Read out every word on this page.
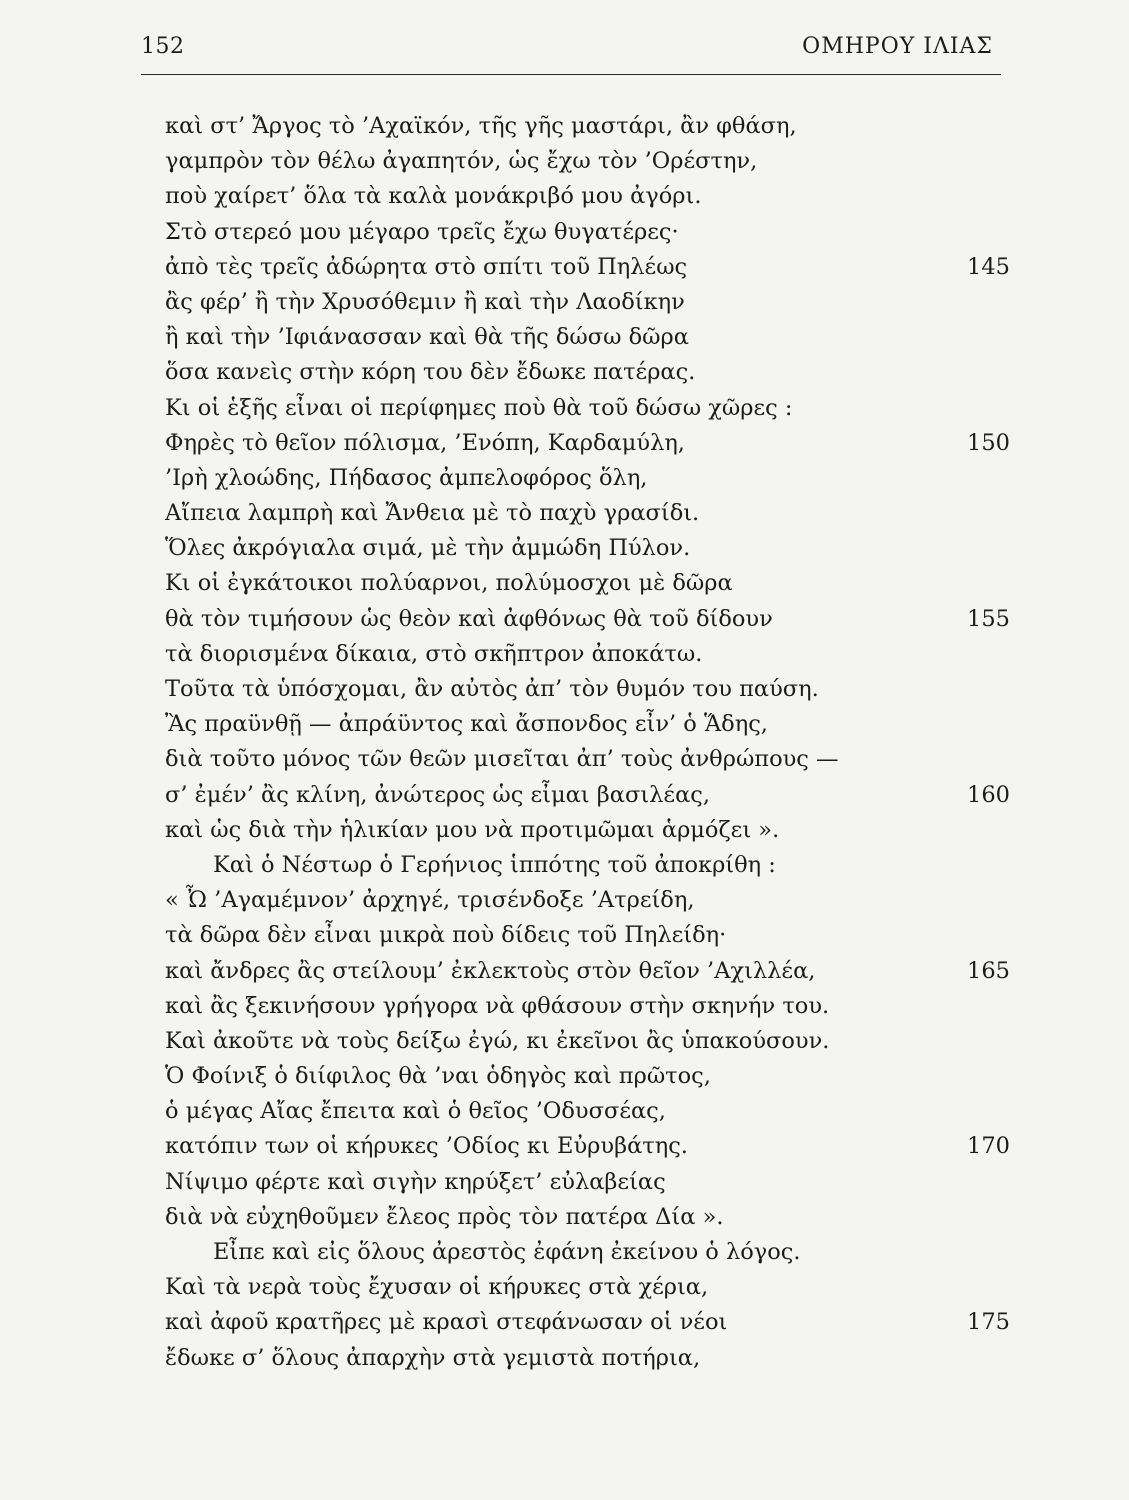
152	ΟΜΗΡΟΥ ΙΛΙΑΣ
καὶ στ’ Ἄργος τὸ ’Αχαϊκόν, τῆς γῆς μαστάρι, ἂν φθάση,
γαμπρὸν τὸν θέλω ἀγαπητόν, ὡς ἔχω τὸν ’Ορέστην,
ποὺ χαίρετ’ ὅλα τὰ καλὰ μονάκριβό μου ἀγόρι.
Στὸ στερεό μου μέγαρο τρεῖς ἔχω θυγατέρες·
ἀπὸ τὲς τρεῖς ἀδώρητα στὸ σπίτι τοῦ Πηλέως	145
ἂς φέρ’ ἢ τὴν Χρυσόθεμιν ἢ καὶ τὴν Λαοδίκην
ἢ καὶ τὴν ’Ιφιάνασσαν καὶ θὰ τῆς δώσω δῶρα
ὅσα κανεὶς στὴν κόρη του δὲν ἔδωκε πατέρας.
Κι οἱ ἑξῆς εἶναι οἱ περίφημες ποὺ θὰ τοῦ δώσω χῶρες :
Φηρὲς τὸ θεῖον πόλισμα, ’Ενόπη, Καρδαμύλη,	150
’Ιρὴ χλοώδης, Πήδασος ἀμπελοφόρος ὅλη,
Αἴπεια λαμπρὴ καὶ Ἄνθεια μὲ τὸ παχὺ γρασίδι.
Ὅλες ἀκρόγιαλα σιμά, μὲ τὴν ἀμμώδη Πύλον.
Κι οἱ ἐγκάτοικοι πολύαρνοι, πολύμοσχοι μὲ δῶρα
θὰ τὸν τιμήσουν ὡς θεὸν καὶ ἀφθόνως θὰ τοῦ δίδουν	155
τὰ διορισμένα δίκαια, στὸ σκῆπτρον ἀποκάτω.
Τοῦτα τὰ ὑπόσχομαι, ἂν αὐτὸς ἀπ’ τὸν θυμόν του παύση.
Ἂς πραϋνθῇ — ἀπράϋντος καὶ ἄσπονδος εἶν’ ὁ Ἅδης,
διὰ τοῦτο μόνος τῶν θεῶν μισεῖται ἀπ’ τοὺς ἀνθρώπους —
σ’ ἐμέν’ ἂς κλίνη, ἀνώτερος ὡς εἶμαι βασιλέας,	160
καὶ ὡς διὰ τὴν ἡλικίαν μου νὰ προτιμῶμαι ἁρμόζει ».
Καὶ ὁ Νέστωρ ὁ Γερήνιος ἱππότης τοῦ ἀποκρίθη :
« Ὦ ’Αγαμέμνον’ ἀρχηγέ, τρισένδοξε ’Ατρείδη,
τὰ δῶρα δὲν εἶναι μικρὰ ποὺ δίδεις τοῦ Πηλείδη·
καὶ ἄνδρες ἂς στείλουμ’ ἐκλεκτοὺς στὸν θεῖον ’Αχιλλέα,	165
καὶ ἂς ξεκινήσουν γρήγορα νὰ φθάσουν στὴν σκηνήν του.
Καὶ ἀκοῦτε νὰ τοὺς δείξω ἐγώ, κι ἐκεῖνοι ἂς ὑπακούσουν.
Ὁ Φοίνιξ ὁ διίφιλος θὰ ’ναι ὁδηγὸς καὶ πρῶτος,
ὁ μέγας Αἴας ἔπειτα καὶ ὁ θεῖος ’Οδυσσέας,
κατόπιν των οἱ κήρυκες ’Οδίος κι Εὐρυβάτης.	170
Νίψιμο φέρτε καὶ σιγὴν κηρύξετ’ εὐλαβείας
διὰ νὰ εὐχηθοῦμεν ἔλεος πρὸς τὸν πατέρα Δία ».
Εἶπε καὶ εἰς ὅλους ἀρεστὸς ἐφάνη ἐκείνου ὁ λόγος.
Καὶ τὰ νερὰ τοὺς ἔχυσαν οἱ κήρυκες στὰ χέρια,
καὶ ἀφοῦ κρατῆρες μὲ κρασὶ στεφάνωσαν οἱ νέοι	175
ἔδωκε σ’ ὅλους ἀπαρχὴν στὰ γεμιστὰ ποτήρια,
